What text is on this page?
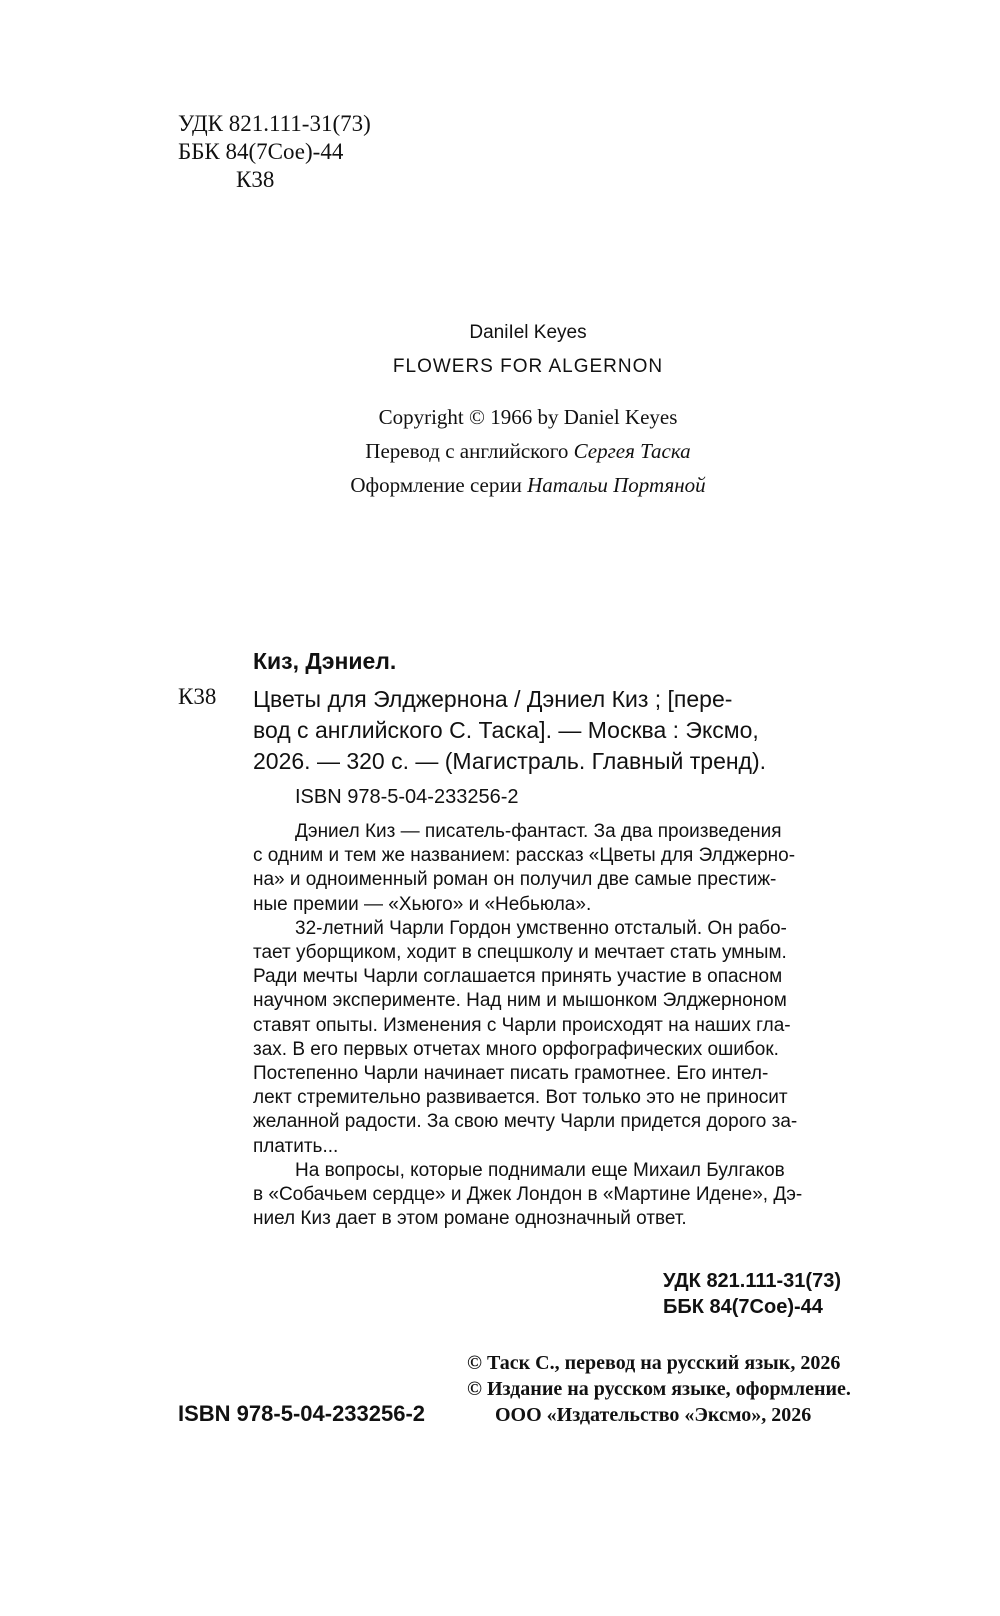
УДК 821.111-31(73)
ББК 84(7Сое)-44
К38
DaniIel Keyes
FLOWERS FOR ALGERNON
Copyright © 1966 by Daniel Keyes
Перевод с английского Сергея Таска
Оформление серии Натальи Портяной
Киз, Дэниел.
К38 Цветы для Элджернона / Дэниел Киз ; [пере-
вод с английского С. Таска]. — Москва : Эксмо,
2026. — 320 с. — (Магистраль. Главный тренд).
ISBN 978-5-04-233256-2
Дэниел Киз — писатель-фантаст. За два произведения
с одним и тем же названием: рассказ «Цветы для Элджерно-
на» и одноименный роман он получил две самые престиж-
ные премии — «Хьюго» и «Небьюла».
32-летний Чарли Гордон умственно отсталый. Он рабо-
тает уборщиком, ходит в спецшколу и мечтает стать умным.
Ради мечты Чарли соглашается принять участие в опасном
научном эксперименте. Над ним и мышонком Элджерноном
ставят опыты. Изменения с Чарли происходят на наших гла-
зах. В его первых отчетах много орфографических ошибок.
Постепенно Чарли начинает писать грамотнее. Его интел-
лект стремительно развивается. Вот только это не приносит
желанной радости. За свою мечту Чарли придется дорого за-
платить...
На вопросы, которые поднимали еще Михаил Булгаков
в «Собачьем сердце» и Джек Лондон в «Мартине Идене», Дэ-
ниел Киз дает в этом романе однозначный ответ.
УДК 821.111-31(73)
ББК 84(7Сое)-44
© Таск С., перевод на русский язык, 2026
© Издание на русском языке, оформление.
ООО «Издательство «Эксмо», 2026
ISBN 978-5-04-233256-2
